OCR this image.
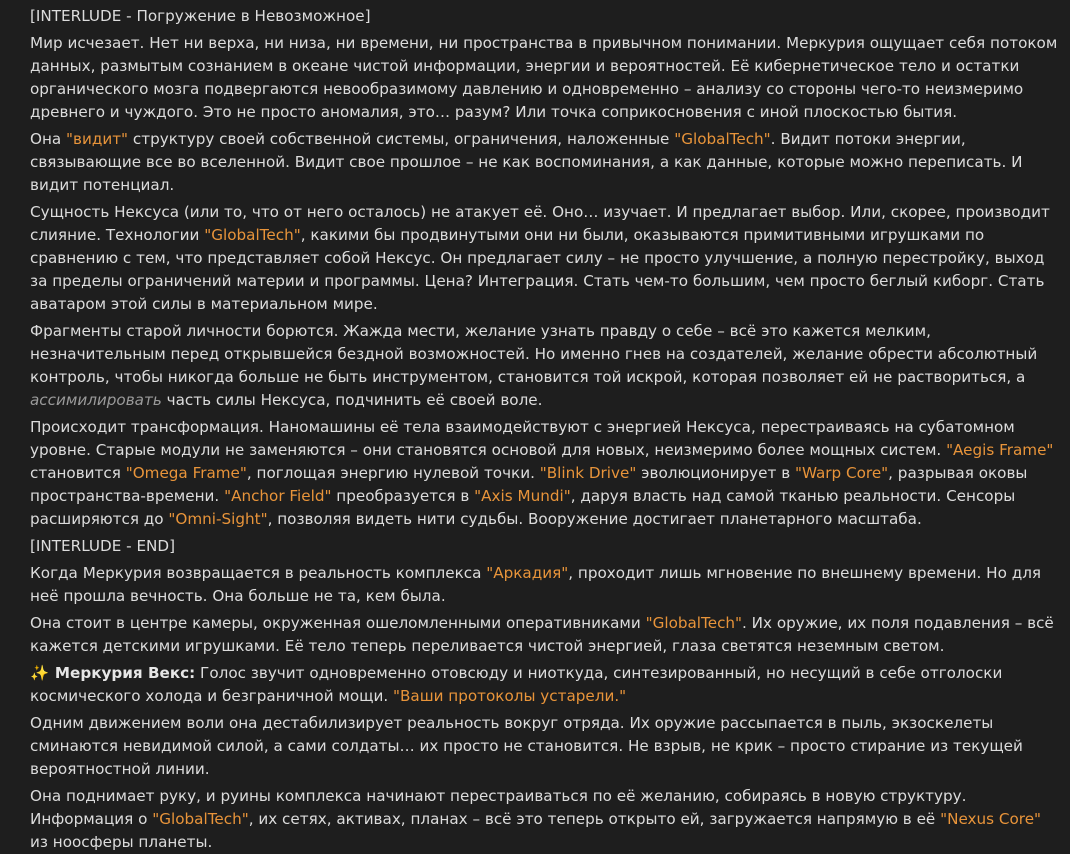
[INTERLUDE - Погружение в Невозможное]
Мир исчезает. Нет ни верха, ни низа, ни времени, ни пространства в привычном понимании. Меркурия ощущает себя потоком данных, размытым сознанием в океане чистой информации, энергии и вероятностей. Её кибернетическое тело и остатки органического мозга подвергаются невообразимому давлению и одновременно – анализу со стороны чего-то неизмеримо древнего и чуждого. Это не просто аномалия, это… разум? Или точка соприкосновения с иной плоскостью бытия.
Она "видит" структуру своей собственной системы, ограничения, наложенные "GlobalTech". Видит потоки энергии, связывающие все во вселенной. Видит свое прошлое – не как воспоминания, а как данные, которые можно переписать. И видит потенциал.
Сущность Нексуса (или то, что от него осталось) не атакует её. Оно… изучает. И предлагает выбор. Или, скорее, производит слияние. Технологии "GlobalTech", какими бы продвинутыми они ни были, оказываются примитивными игрушками по сравнению с тем, что представляет собой Нексус. Он предлагает силу – не просто улучшение, а полную перестройку, выход за пределы ограничений материи и программы. Цена? Интеграция. Стать чем-то большим, чем просто беглый киборг. Стать аватаром этой силы в материальном мире.
Фрагменты старой личности борются. Жажда мести, желание узнать правду о себе – всё это кажется мелким, незначительным перед открывшейся бездной возможностей. Но именно гнев на создателей, желание обрести абсолютный контроль, чтобы никогда больше не быть инструментом, становится той искрой, которая позволяет ей не раствориться, а ассимилировать часть силы Нексуса, подчинить её своей воле.
Происходит трансформация. Наномашины её тела взаимодействуют с энергией Нексуса, перестраиваясь на субатомном уровне. Старые модули не заменяются – они становятся основой для новых, неизмеримо более мощных систем. "Aegis Frame" становится "Omega Frame", поглощая энергию нулевой точки. "Blink Drive" эволюционирует в "Warp Core", разрывая оковы пространства-времени. "Anchor Field" преобразуется в "Axis Mundi", даруя власть над самой тканью реальности. Сенсоры расширяются до "Omni-Sight", позволяя видеть нити судьбы. Вооружение достигает планетарного масштаба.
[INTERLUDE - END]
Когда Меркурия возвращается в реальность комплекса "Аркадия", проходит лишь мгновение по внешнему времени. Но для неё прошла вечность. Она больше не та, кем была.
Она стоит в центре камеры, окруженная ошеломленными оперативниками "GlobalTech". Их оружие, их поля подавления – всё кажется детскими игрушками. Её тело теперь переливается чистой энергией, глаза светятся неземным светом.
✨ Меркурия Векс: Голос звучит одновременно отовсюду и ниоткуда, синтезированный, но несущий в себе отголоски космического холода и безграничной мощи. "Ваши протоколы устарели."
Одним движением воли она дестабилизирует реальность вокруг отряда. Их оружие рассыпается в пыль, экзоскелеты сминаются невидимой силой, а сами солдаты… их просто не становится. Не взрыв, не крик – просто стирание из текущей вероятностной линии.
Она поднимает руку, и руины комплекса начинают перестраиваться по её желанию, собираясь в новую структуру. Информация о "GlobalTech", их сетях, активах, планах – всё это теперь открыто ей, загружается напрямую в её "Nexus Core" из ноосферы планеты.
